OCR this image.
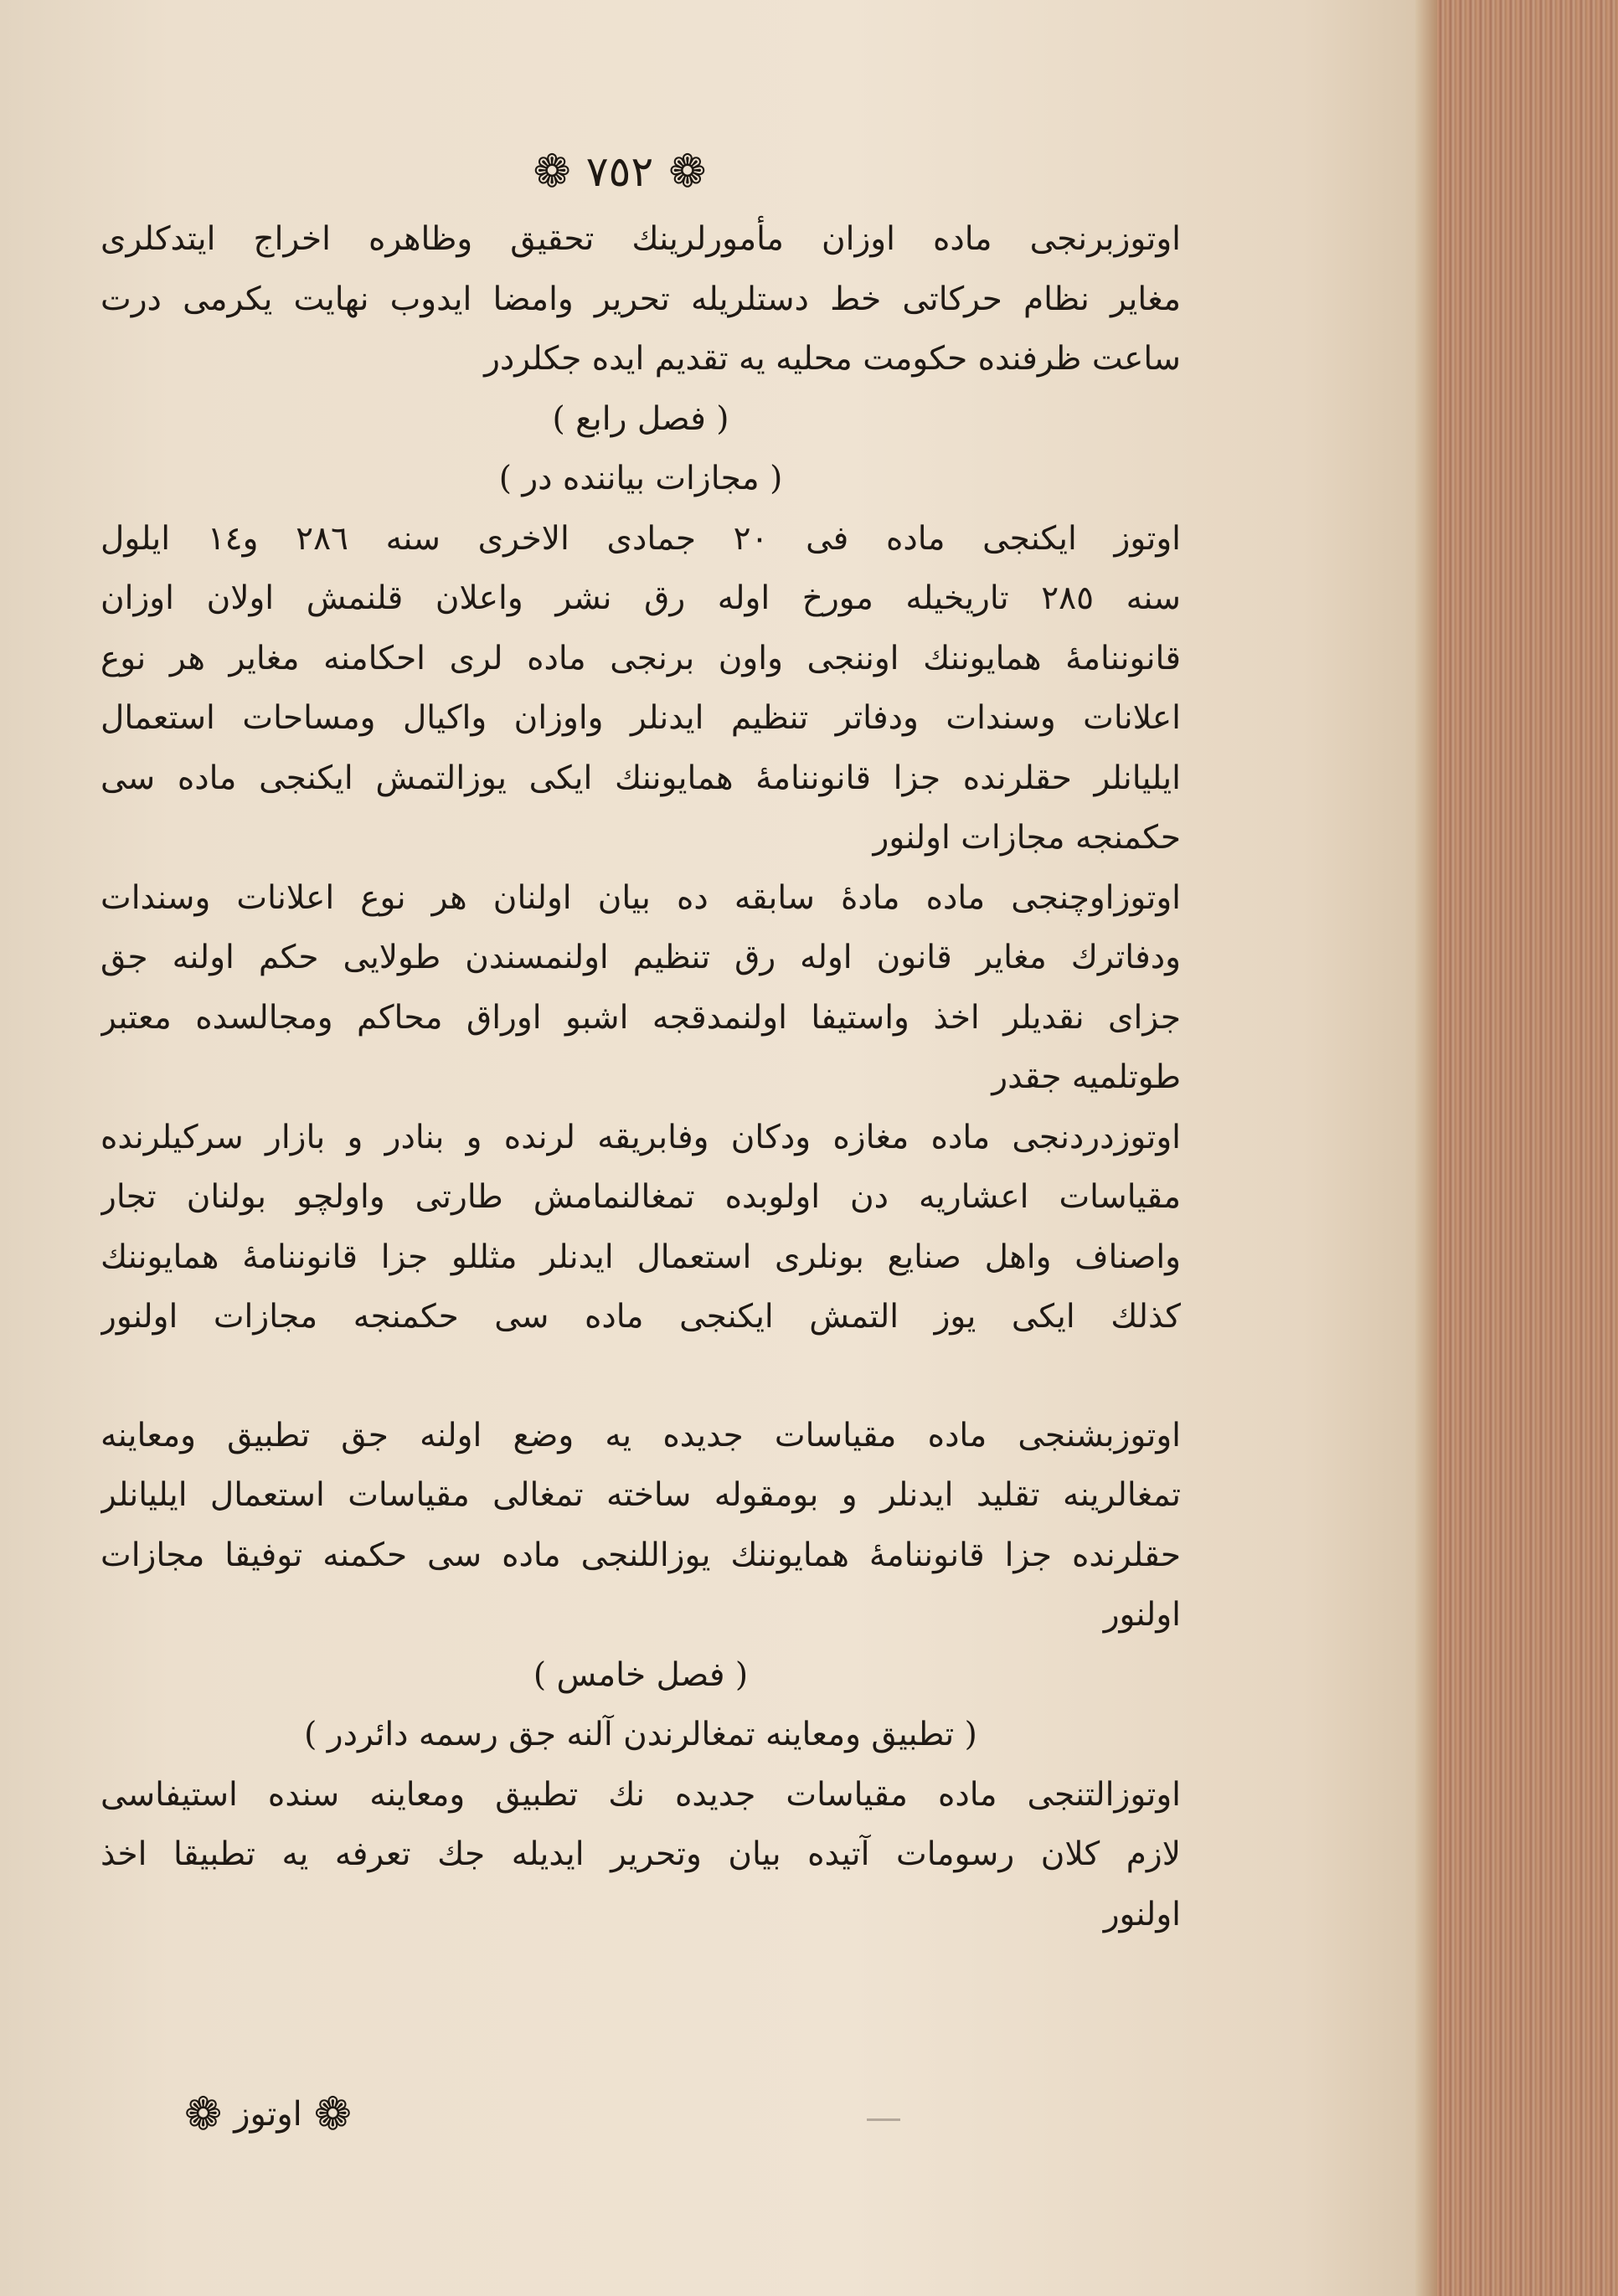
❁ ٧٥٢ ❁
اوتوزبرنجی ماده اوزان مأمورلرینك تحقیق وظاهره اخراج ایتدكلری
مغایر نظام حركاتی خط دستلریله تحریر وامضا ایدوب نهایت یكرمی درت
ساعت ظرفنده حكومت محلیه یه تقدیم ایده جكلردر
( فصل رابع )
( مجازات بیاننده در )
اوتوز ایكنجی ماده فی ٢٠ جمادی الاخری سنه ٢٨٦ و١٤ ایلول
سنه ٢٨٥ تاریخیله مورخ اوله رق نشر واعلان قلنمش اولان اوزان
قانوننامهٔ همایوننك اوننجی واون برنجی ماده لری احكامنه مغایر هر نوع
اعلانات وسندات ودفاتر تنظیم ایدنلر واوزان واكیال ومساحات استعمال
ایلیانلر حقلرنده جزا قانوننامهٔ همایوننك ایكی یوزالتمش ایكنجی ماده سی
حكمنجه مجازات اولنور
اوتوزاوچنجی ماده مادهٔ سابقه ده بیان اولنان هر نوع اعلانات وسندات
ودفاترك مغایر قانون اوله رق تنظیم اولنمسندن طولایی حكم اولنه جق
جزای نقدیلر اخذ واستیفا اولنمدقجه اشبو اوراق محاكم ومجالسده معتبر
طوتلمیه جقدر
اوتوزدردنجی ماده مغازه ودكان وفابریقه لرنده و بنادر و بازار سركیلرنده
مقیاسات اعشاریه دن اولوبده تمغالنمامش طارتی واولچو بولنان تجار
واصناف واهل صنایع بونلری استعمال ایدنلر مثللو جزا قانوننامهٔ همایوننك
كذلك ایكی یوز التمش ایكنجی ماده سی حكمنجه مجازات اولنور
اوتوزبشنجی ماده مقیاسات جدیده یه وضع اولنه جق تطبیق ومعاینه
تمغالرینه تقلید ایدنلر و بومقوله ساخته تمغالی مقیاسات استعمال ایلیانلر
حقلرنده جزا قانوننامهٔ همایوننك یوزاللنجی ماده سی حكمنه توفیقا مجازات
اولنور
( فصل خامس )
( تطبیق ومعاینه تمغالرندن آلنه جق رسمه دائردر )
اوتوزالتنجی ماده مقیاسات جدیده نك تطبیق ومعاینه سنده استیفاسی
لازم كلان رسومات آتیده بیان وتحریر ایدیله جك تعرفه یه تطبیقا اخذ
اولنور
❁ اوتوز ❁
